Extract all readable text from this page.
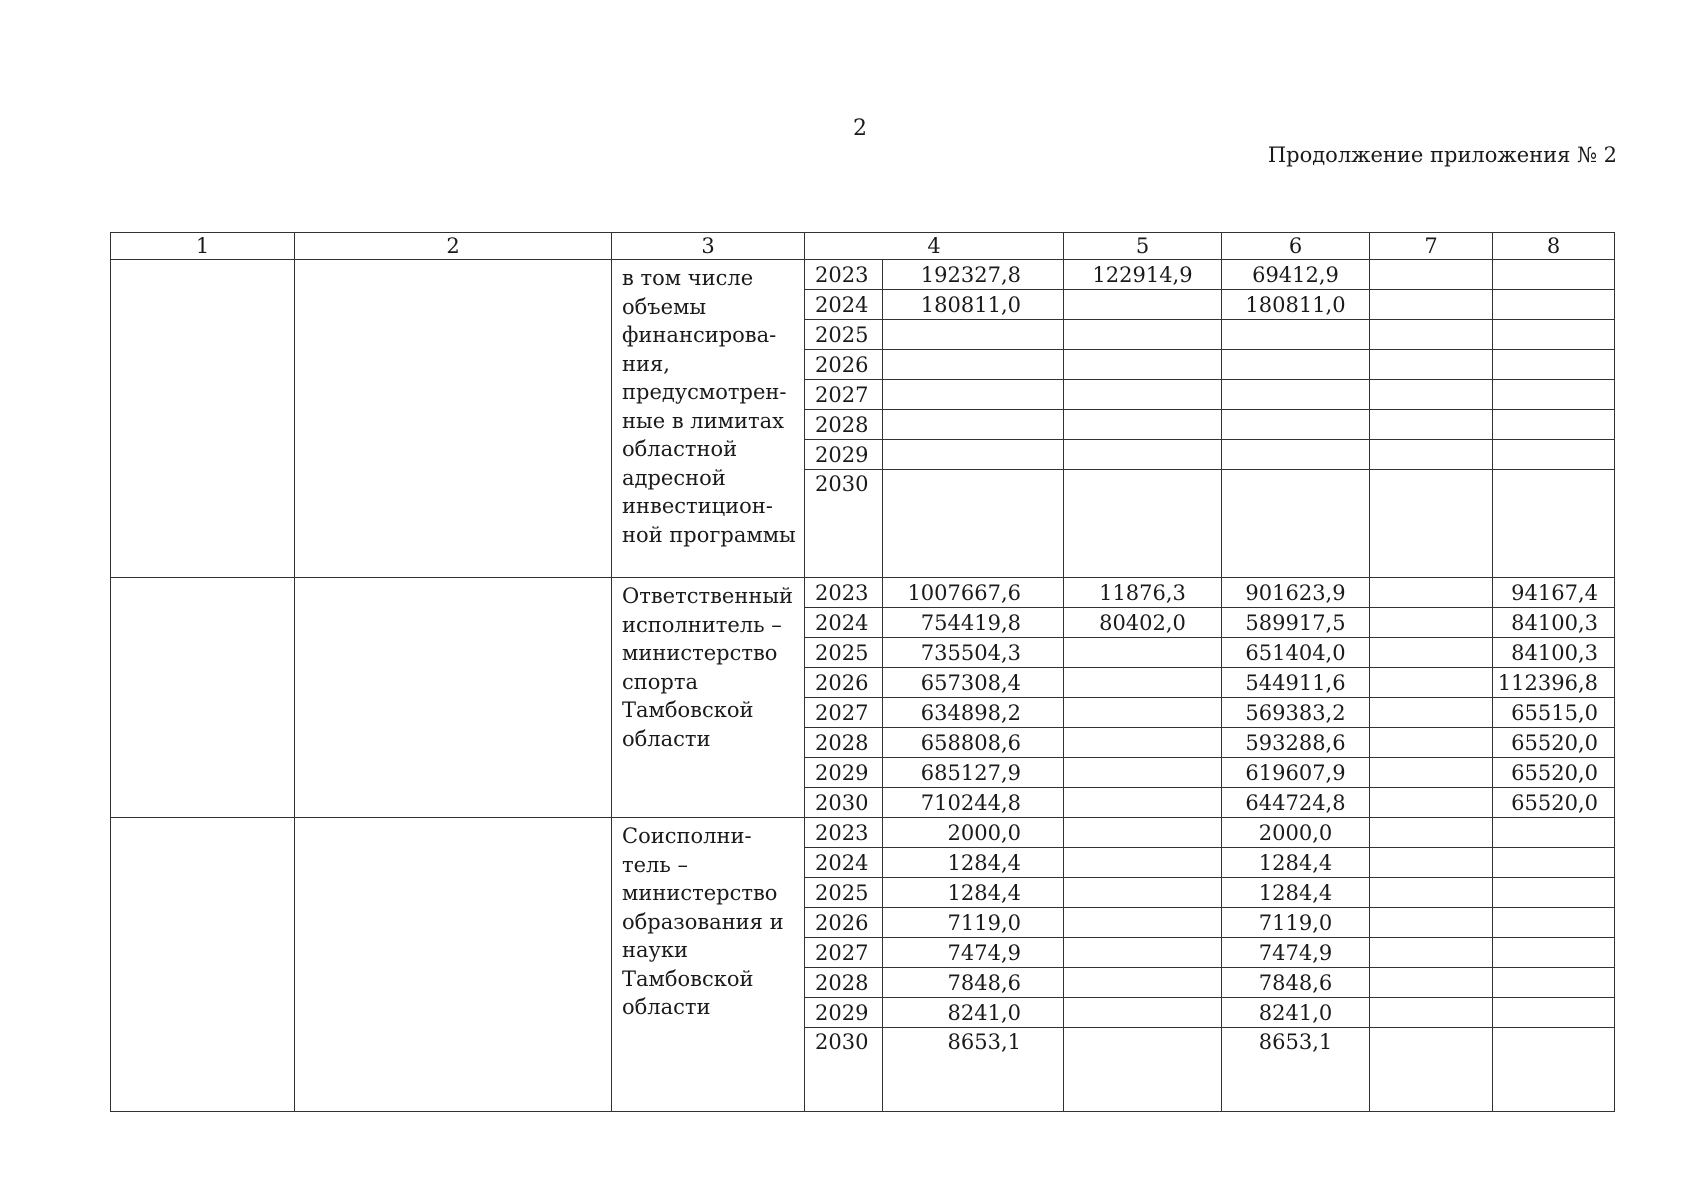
2
Продолжение приложения № 2
1	2	3	4		5	6	7	8
		в том числе объемы финансирова-ния, предусмотрен-ные в лимитах областной адресной инвестицион-ной программы	2023	192327,8	122914,9	69412,9		
			2024	180811,0		180811,0		
			2025					
			2026					
			2027					
			2028					
			2029					
			2030					
		Ответственный исполнитель – министерство спорта Тамбовской области	2023	1007667,6	11876,3	901623,9		94167,4
			2024	754419,8	80402,0	589917,5		84100,3
			2025	735504,3		651404,0		84100,3
			2026	657308,4		544911,6		112396,8
			2027	634898,2		569383,2		65515,0
			2028	658808,6		593288,6		65520,0
			2029	685127,9		619607,9		65520,0
			2030	710244,8		644724,8		65520,0
		Соисполни-тель – министерство образования и науки Тамбовской области	2023	2000,0		2000,0		
			2024	1284,4		1284,4		
			2025	1284,4		1284,4		
			2026	7119,0		7119,0		
			2027	7474,9		7474,9		
			2028	7848,6		7848,6		
			2029	8241,0		8241,0		
			2030	8653,1		8653,1		
